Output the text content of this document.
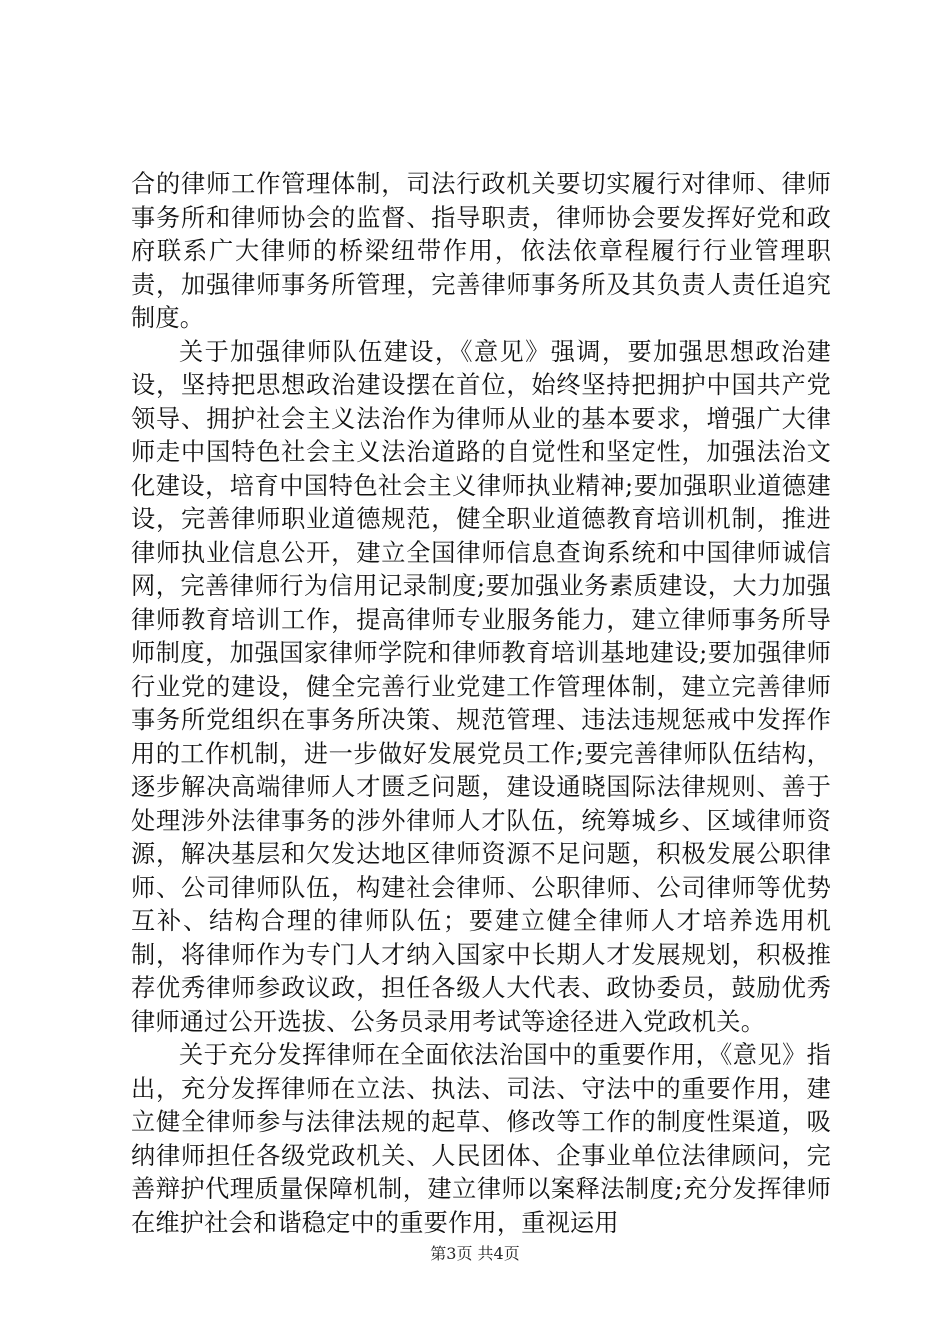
合的律师工作管理体制，司法行政机关要切实履行对律师、律师事务所和律师协会的监督、指导职责，律师协会要发挥好党和政府联系广大律师的桥梁纽带作用，依法依章程履行行业管理职责，加强律师事务所管理，完善律师事务所及其负责人责任追究制度。

关于加强律师队伍建设，《意见》强调，要加强思想政治建设，坚持把思想政治建设摆在首位，始终坚持把拥护中国共产党领导、拥护社会主义法治作为律师从业的基本要求，增强广大律师走中国特色社会主义法治道路的自觉性和坚定性，加强法治文化建设，培育中国特色社会主义律师执业精神;要加强职业道德建设，完善律师职业道德规范，健全职业道德教育培训机制，推进律师执业信息公开，建立全国律师信息查询系统和中国律师诚信网，完善律师行为信用记录制度;要加强业务素质建设，大力加强律师教育培训工作，提高律师专业服务能力，建立律师事务所导师制度，加强国家律师学院和律师教育培训基地建设;要加强律师行业党的建设，健全完善行业党建工作管理体制，建立完善律师事务所党组织在事务所决策、规范管理、违法违规惩戒中发挥作用的工作机制，进一步做好发展党员工作;要完善律师队伍结构，逐步解决高端律师人才匮乏问题，建设通晓国际法律规则、善于处理涉外法律事务的涉外律师人才队伍，统筹城乡、区域律师资源，解决基层和欠发达地区律师资源不足问题，积极发展公职律师、公司律师队伍，构建社会律师、公职律师、公司律师等优势互补、结构合理的律师队伍；要建立健全律师人才培养选用机制，将律师作为专门人才纳入国家中长期人才发展规划，积极推荐优秀律师参政议政，担任各级人大代表、政协委员，鼓励优秀律师通过公开选拔、公务员录用考试等途径进入党政机关。

关于充分发挥律师在全面依法治国中的重要作用，《意见》指出，充分发挥律师在立法、执法、司法、守法中的重要作用，建立健全律师参与法律法规的起草、修改等工作的制度性渠道，吸纳律师担任各级党政机关、人民团体、企事业单位法律顾问，完善辩护代理质量保障机制，建立律师以案释法制度;充分发挥律师在维护社会和谐稳定中的重要作用，重视运用

第3页 共4页
